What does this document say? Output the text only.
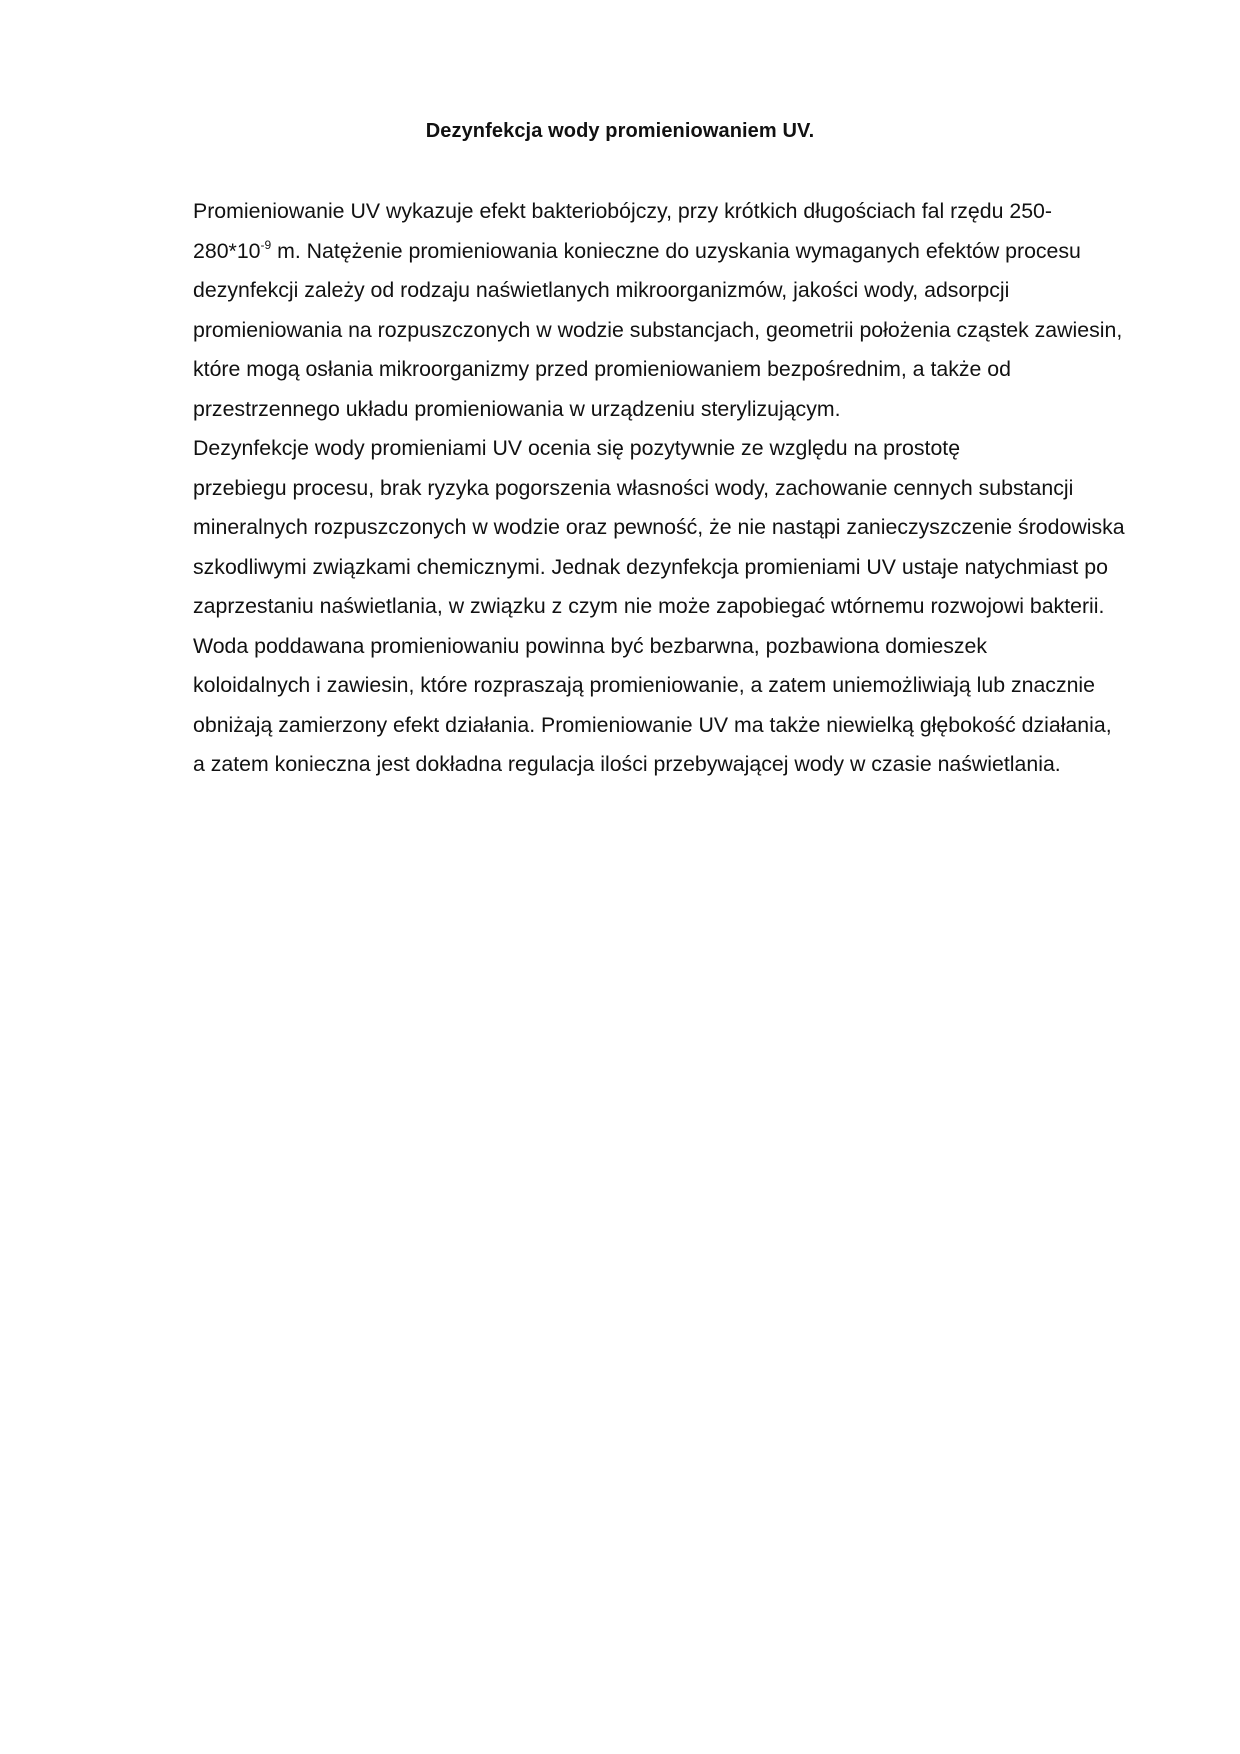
Dezynfekcja wody promieniowaniem UV.

Promieniowanie UV wykazuje efekt bakteriobójczy, przy krótkich długościach fal rzędu 250-
$280*10^{-9}$ m. Natężenie promieniowania konieczne do uzyskania wymaganych efektów procesu
dezynfekcji zależy od rodzaju naświetlanych mikroorganizmów, jakości wody, adsorpcji
promieniowania na rozpuszczonych w wodzie substancjach, geometrii położenia cząstek zawiesin,
które mogą osłania mikroorganizmy przed promieniowaniem bezpośrednim, a także od
przestrzennego układu promieniowania w urządzeniu sterylizującym.

Dezynfekcje wody promieniami UV ocenia się pozytywnie ze względu na prostotę
przebiegu procesu, brak ryzyka pogorszenia własności wody, zachowanie cennych substancji
mineralnych rozpuszczonych w wodzie oraz pewność, że nie nastąpi zanieczyszczenie środowiska
szkodliwymi związkami chemicznymi. Jednak dezynfekcja promieniami UV ustaje natychmiast po
zaprzestaniu naświetlania, w związku z czym nie może zapobiegać wtórnemu rozwojowi bakterii.

Woda poddawana promieniowaniu powinna być bezbarwna, pozbawiona domieszek
koloidalnych i zawiesin, które rozpraszają promieniowanie, a zatem uniemożliwiają lub znacznie
obniżają zamierzony efekt działania. Promieniowanie UV ma także niewielką głębokość działania,
a zatem konieczna jest dokładna regulacja ilości przebywającej wody w czasie naświetlania.
